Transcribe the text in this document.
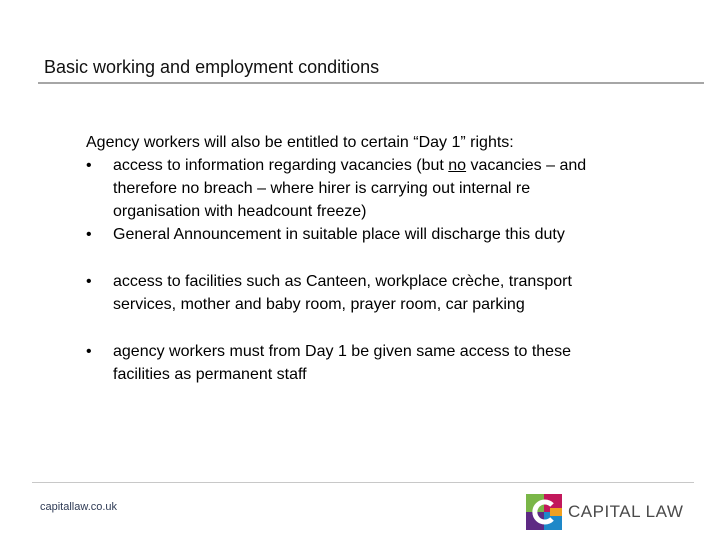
Basic working and employment conditions

Agency workers will also be entitled to certain “Day 1” rights:

•	access to information regarding vacancies (but no vacancies – and therefore no breach – where hirer is carrying out internal re organisation with headcount freeze)
•	General Announcement in suitable place will discharge this duty
•	access to facilities such as Canteen, workplace crèche, transport services, mother and baby room, prayer room, car parking
•	agency workers must from Day 1 be given same access to these facilities as permanent staff
capitallaw.co.uk	CAPITAL LAW
